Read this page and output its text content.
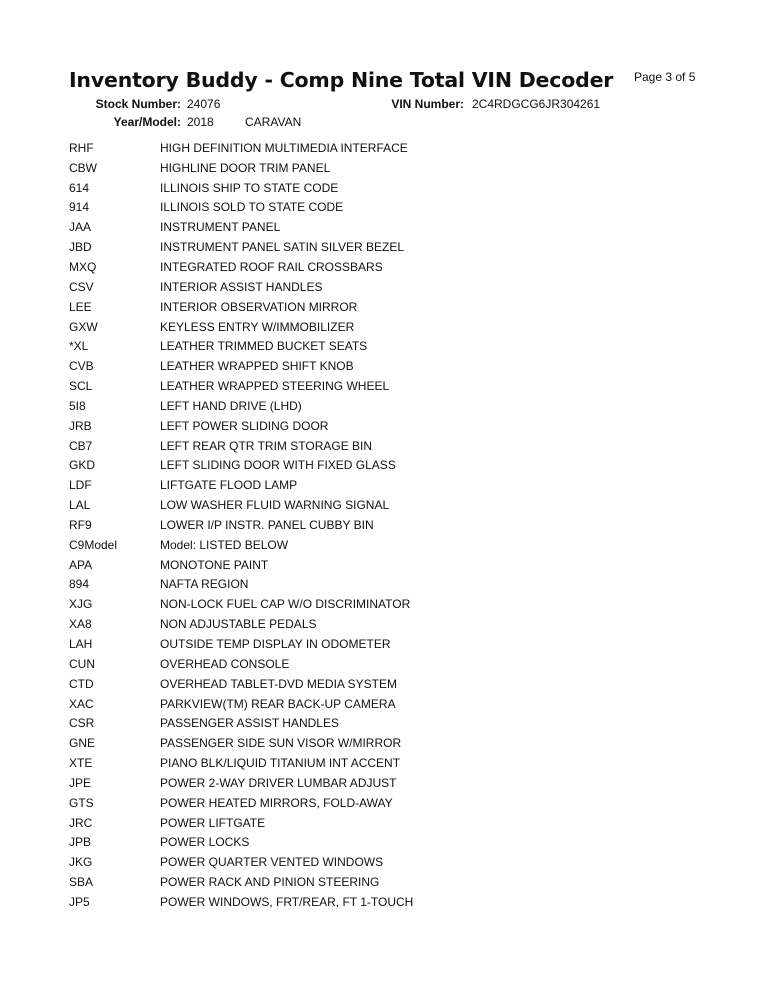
Inventory Buddy - Comp Nine Total VIN Decoder Page 3 of 5
Stock Number: 24076	VIN Number: 2C4RDGCG6JR304261
Year/Model: 2018	CARAVAN
RHF	HIGH DEFINITION MULTIMEDIA INTERFACE
CBW	HIGHLINE DOOR TRIM PANEL
614	ILLINOIS SHIP TO STATE CODE
914	ILLINOIS SOLD TO STATE CODE
JAA	INSTRUMENT PANEL
JBD	INSTRUMENT PANEL SATIN SILVER BEZEL
MXQ	INTEGRATED ROOF RAIL CROSSBARS
CSV	INTERIOR ASSIST HANDLES
LEE	INTERIOR OBSERVATION MIRROR
GXW	KEYLESS ENTRY W/IMMOBILIZER
*XL	LEATHER TRIMMED BUCKET SEATS
CVB	LEATHER WRAPPED SHIFT KNOB
SCL	LEATHER WRAPPED STEERING WHEEL
5I8	LEFT HAND DRIVE (LHD)
JRB	LEFT POWER SLIDING DOOR
CB7	LEFT REAR QTR TRIM STORAGE BIN
GKD	LEFT SLIDING DOOR WITH FIXED GLASS
LDF	LIFTGATE FLOOD LAMP
LAL	LOW WASHER FLUID WARNING SIGNAL
RF9	LOWER I/P INSTR. PANEL CUBBY BIN
C9Model	Model: LISTED BELOW
APA	MONOTONE PAINT
894	NAFTA REGION
XJG	NON-LOCK FUEL CAP W/O DISCRIMINATOR
XA8	NON ADJUSTABLE PEDALS
LAH	OUTSIDE TEMP DISPLAY IN ODOMETER
CUN	OVERHEAD CONSOLE
CTD	OVERHEAD TABLET-DVD MEDIA SYSTEM
XAC	PARKVIEW(TM) REAR BACK-UP CAMERA
CSR	PASSENGER ASSIST HANDLES
GNE	PASSENGER SIDE SUN VISOR W/MIRROR
XTE	PIANO BLK/LIQUID TITANIUM INT ACCENT
JPE	POWER 2-WAY DRIVER LUMBAR ADJUST
GTS	POWER HEATED MIRRORS, FOLD-AWAY
JRC	POWER LIFTGATE
JPB	POWER LOCKS
JKG	POWER QUARTER VENTED WINDOWS
SBA	POWER RACK AND PINION STEERING
JP5	POWER WINDOWS, FRT/REAR, FT 1-TOUCH
